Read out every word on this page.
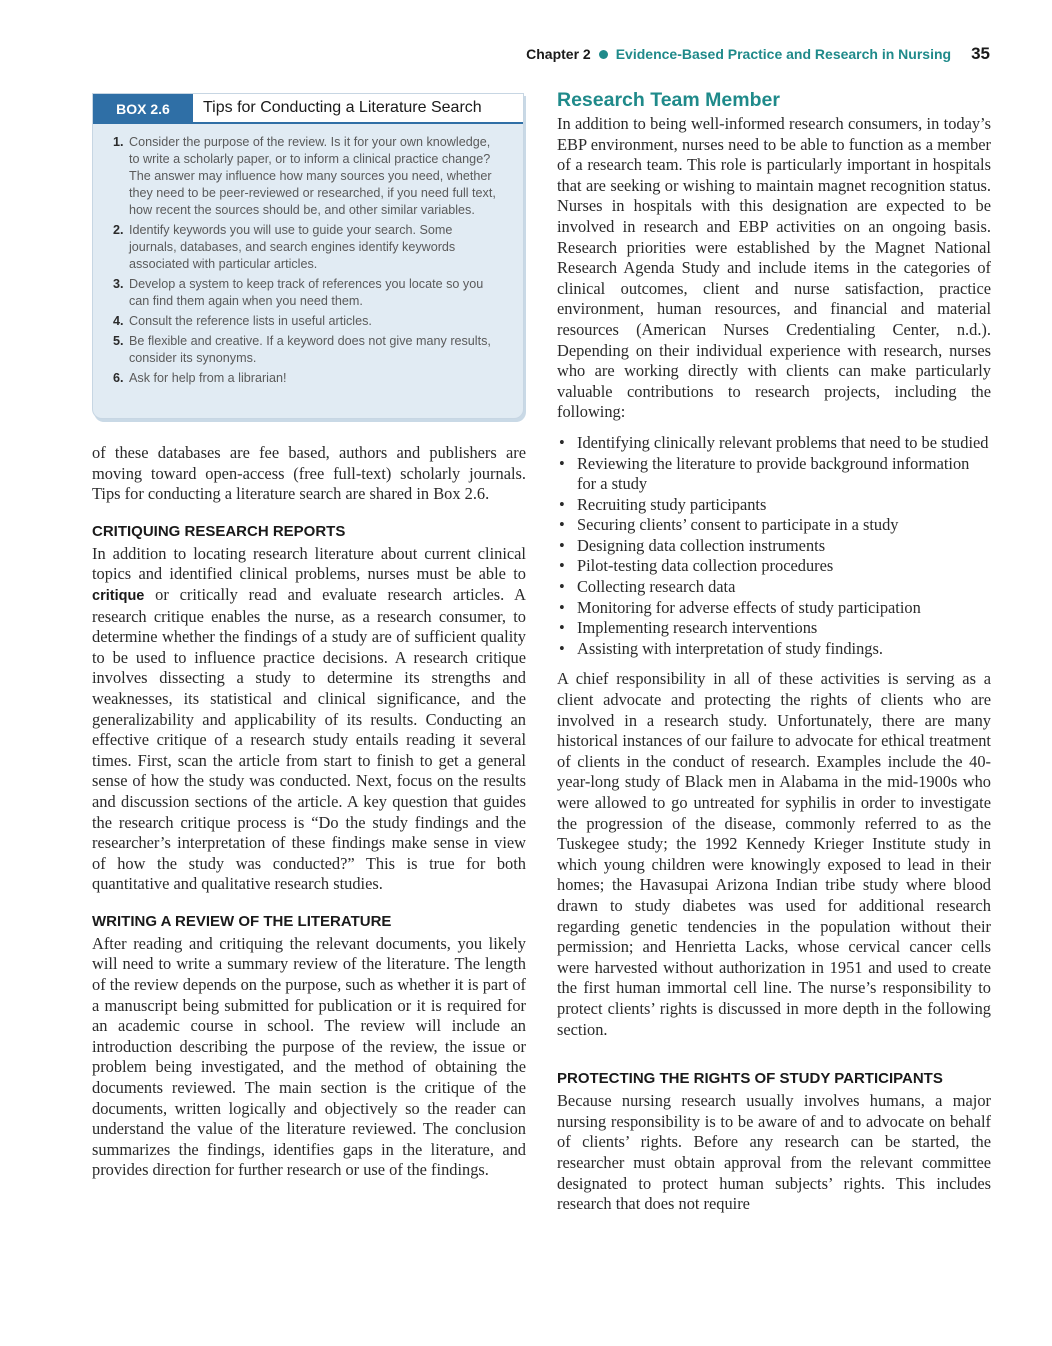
Chapter 2 Evidence-Based Practice and Research in Nursing 35
BOX 2.6	Tips for Conducting a Literature Search
1. Consider the purpose of the review. Is it for your own knowledge, to write a scholarly paper, or to inform a clinical practice change? The answer may influence how many sources you need, whether they need to be peer-reviewed or researched, if you need full text, how recent the sources should be, and other similar variables.
2. Identify keywords you will use to guide your search. Some journals, databases, and search engines identify keywords associated with particular articles.
3. Develop a system to keep track of references you locate so you can find them again when you need them.
4. Consult the reference lists in useful articles.
5. Be flexible and creative. If a keyword does not give many results, consider its synonyms.
6. Ask for help from a librarian!

of these databases are fee based, authors and publishers are moving toward open-access (free full-text) scholarly journals. Tips for conducting a literature search are shared in Box 2.6.

CRITIQUING RESEARCH REPORTS

In addition to locating research literature about current clinical topics and identified clinical problems, nurses must be able to critique or critically read and evaluate research articles. A research critique enables the nurse, as a research consumer, to determine whether the findings of a study are of sufficient quality to be used to influence practice decisions. A research critique involves dissecting a study to determine its strengths and weaknesses, its statistical and clinical significance, and the generalizability and applicability of its results. Conducting an effective critique of a research study entails reading it several times. First, scan the article from start to finish to get a general sense of how the study was conducted. Next, focus on the results and discussion sections of the article. A key question that guides the research critique process is “Do the study findings and the researcher’s interpretation of these findings make sense in view of how the study was conducted?” This is true for both quantitative and qualitative research studies.

WRITING A REVIEW OF THE LITERATURE

After reading and critiquing the relevant documents, you likely will need to write a summary review of the literature. The length of the review depends on the purpose, such as whether it is part of a manuscript being submitted for publication or it is required for an academic course in school. The review will include an introduction describing the purpose of the review, the issue or problem being investigated, and the method of obtaining the documents reviewed. The main section is the critique of the documents, written logically and objectively so the reader can understand the value of the literature reviewed. The conclusion summarizes the findings, identifies gaps in the literature, and provides direction for further research or use of the findings.

Research Team Member

In addition to being well-informed research consumers, in today’s EBP environment, nurses need to be able to function as a member of a research team. This role is particularly important in hospitals that are seeking or wishing to maintain magnet recognition status. Nurses in hospitals with this designation are expected to be involved in research and EBP activities on an ongoing basis. Research priorities were established by the Magnet National Research Agenda Study and include items in the categories of clinical outcomes, client and nurse satisfaction, practice environment, human resources, and financial and material resources (American Nurses Credentialing Center, n.d.). Depending on their individual experience with research, nurses who are working directly with clients can make particularly valuable contributions to research projects, including the following:

• Identifying clinically relevant problems that need to be studied
• Reviewing the literature to provide background information for a study
• Recruiting study participants
• Securing clients’ consent to participate in a study
• Designing data collection instruments
• Pilot-testing data collection procedures
• Collecting research data
• Monitoring for adverse effects of study participation
• Implementing research interventions
• Assisting with interpretation of study findings.

A chief responsibility in all of these activities is serving as a client advocate and protecting the rights of clients who are involved in a research study. Unfortunately, there are many historical instances of our failure to advocate for ethical treatment of clients in the conduct of research. Examples include the 40-year-long study of Black men in Alabama in the mid-1900s who were allowed to go untreated for syphilis in order to investigate the progression of the disease, commonly referred to as the Tuskegee study; the 1992 Kennedy Krieger Institute study in which young children were knowingly exposed to lead in their homes; the Havasupai Arizona Indian tribe study where blood drawn to study diabetes was used for additional research regarding genetic tendencies in the population without their permission; and Henrietta Lacks, whose cervical cancer cells were harvested without authorization in 1951 and used to create the first human immortal cell line. The nurse’s responsibility to protect clients’ rights is discussed in more depth in the following section.

PROTECTING THE RIGHTS OF STUDY PARTICIPANTS

Because nursing research usually involves humans, a major nursing responsibility is to be aware of and to advocate on behalf of clients’ rights. Before any research can be started, the researcher must obtain approval from the relevant committee designated to protect human subjects’ rights. This includes research that does not require
